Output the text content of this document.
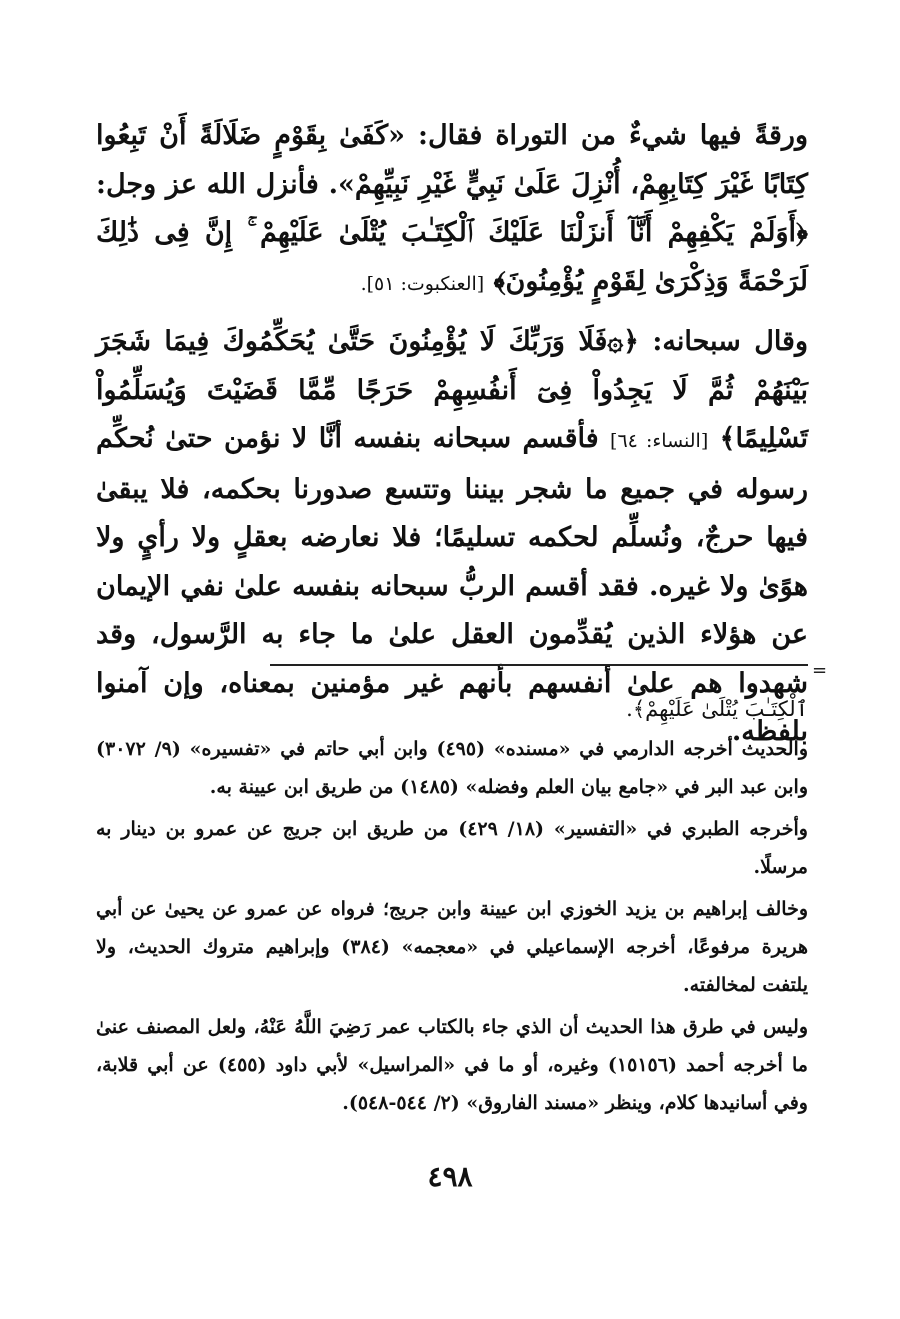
ورقةً فيها شيءٌ من التوراة فقال: «كَفَىٰ بِقَوْمٍ ضَلَالَةً أَنْ تَبِعُوا كِتَابًا غَيْرَ كِتَابِهِمْ، أُنْزِلَ عَلَىٰ نَبِيٍّ غَيْرِ نَبِيِّهِمْ». فأنزل الله عز وجل: ﴿أَوَلَمْ يَكْفِهِمْ أَنَّآ أَنزَلْنَا عَلَيْكَ ٱلْكِتَـٰبَ يُتْلَىٰ عَلَيْهِمْ ۚ إِنَّ فِى ذَٰلِكَ لَرَحْمَةً وَذِكْرَىٰ لِقَوْمٍ يُؤْمِنُونَ﴾ [العنكبوت: ٥١].

وقال سبحانه: ﴿۞فَلَا وَرَبِّكَ لَا يُؤْمِنُونَ حَتَّىٰ يُحَكِّمُوكَ فِيمَا شَجَرَ بَيْنَهُمْ ثُمَّ لَا يَجِدُواْ فِىٓ أَنفُسِهِمْ حَرَجًا مِّمَّا قَضَيْتَ وَيُسَلِّمُواْ تَسْلِيمًا﴾ [النساء: ٦٤] فأقسم سبحانه بنفسه أنَّا لا نؤمن حتىٰ نُحكِّم رسوله في جميع ما شجر بيننا وتتسع صدورنا بحكمه، فلا يبقىٰ فيها حرجٌ، ونُسلِّم لحكمه تسليمًا؛ فلا نعارضه بعقلٍ ولا رأيٍ ولا هوًىٰ ولا غيره. فقد أقسم الربُّ سبحانه بنفسه علىٰ نفي الإيمان عن هؤلاء الذين يُقدِّمون العقل علىٰ ما جاء به الرَّسول، وقد شهدوا هم علىٰ أنفسهم بأنهم غير مؤمنين بمعناه، وإن آمنوا بلفظه.

=

ٱلْكِتَـٰبَ يُتْلَىٰ عَلَيْهِمْ﴾.

والحديث أخرجه الدارمي في «مسنده» (٤٩٥) وابن أبي حاتم في «تفسيره» (٩/ ٣٠٧٢) وابن عبد البر في «جامع بيان العلم وفضله» (١٤٨٥) من طريق ابن عيينة به.

وأخرجه الطبري في «التفسير» (١٨/ ٤٢٩) من طريق ابن جريج عن عمرو بن دينار به مرسلًا.

وخالف إبراهيم بن يزيد الخوزي ابن عيينة وابن جريج؛ فرواه عن عمرو عن يحيىٰ عن أبي هريرة مرفوعًا، أخرجه الإسماعيلي في «معجمه» (٣٨٤) وإبراهيم متروك الحديث، ولا يلتفت لمخالفته.

وليس في طرق هذا الحديث أن الذي جاء بالكتاب عمر رَضِيَ اللَّهُ عَنْهُ، ولعل المصنف عنىٰ ما أخرجه أحمد (١٥١٥٦) وغيره، أو ما في «المراسيل» لأبي داود (٤٥٥) عن أبي قلابة، وفي أسانيدها كلام، وينظر «مسند الفاروق» (٢/ ٥٤٤-٥٤٨).

٤٩٨
